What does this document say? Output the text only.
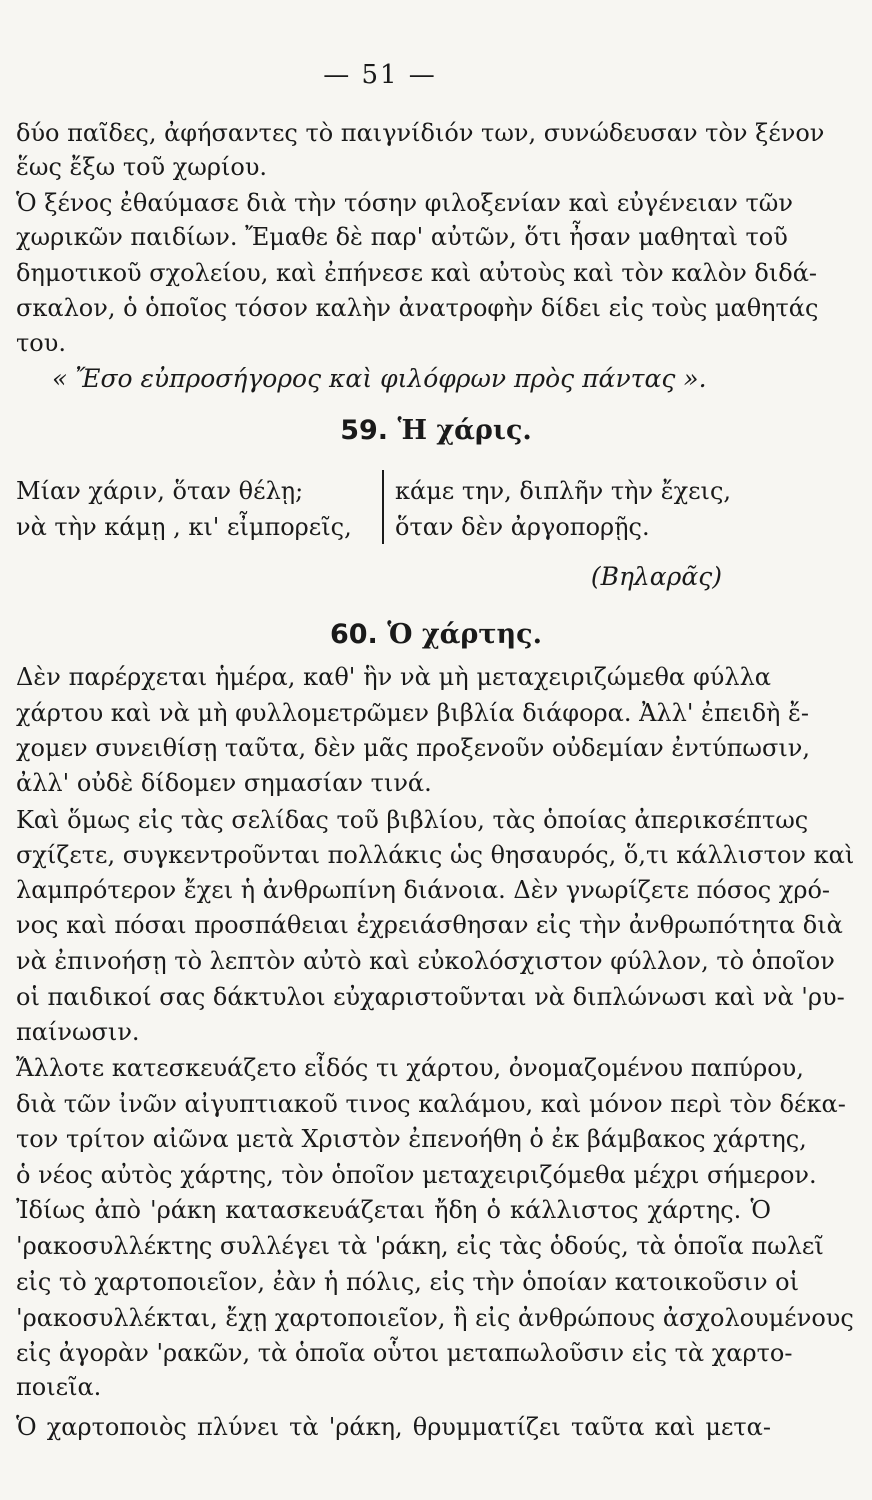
— 51 —
δύο παῖδες, ἀφήσαντες τὸ παιγνίδιόν των, συνώδευσαν τὸν ξένον
ἕως ἔξω τοῦ χωρίου.
Ὁ ξένος ἐθαύμασε διὰ τὴν τόσην φιλοξενίαν καὶ εὐγένειαν τῶν
χωρικῶν παιδίων. Ἔμαθε δὲ παρ' αὐτῶν, ὅτι ἦσαν μαθηταὶ τοῦ
δημοτικοῦ σχολείου, καὶ ἐπήνεσε καὶ αὐτοὺς καὶ τὸν καλὸν διδά-
σκαλον, ὁ ὁποῖος τόσον καλὴν ἀνατροφὴν δίδει εἰς τοὺς μαθητάς
του.
« Ἔσο εὐπροσήγορος καὶ φιλόφρων πρὸς πάντας ».
59. Ἡ χάρις.
Μίαν χάριν, ὅταν θέλῃ;
νὰ τὴν κάμῃ , κι' εἶμπορεῖς,
κάμε την, διπλῆν τὴν ἔχεις,
ὅταν δὲν ἀργοπορῇς.
(Βηλαρᾶς)
60. Ὁ χάρτης.
Δὲν παρέρχεται ἡμέρα, καθ' ἣν νὰ μὴ μεταχειριζώμεθα φύλλα
χάρτου καὶ νὰ μὴ φυλλομετρῶμεν βιβλία διάφορα. Ἀλλ' ἐπειδὴ ἔ-
χομεν συνειθίσῃ ταῦτα, δὲν μᾶς προξενοῦν οὐδεμίαν ἐντύπωσιν,
ἀλλ' οὐδὲ δίδομεν σημασίαν τινά.
Καὶ ὅμως εἰς τὰς σελίδας τοῦ βιβλίου, τὰς ὁποίας ἀπερικσέπτως
σχίζετε, συγκεντροῦνται πολλάκις ὡς θησαυρός, ὅ,τι κάλλιστον καὶ
λαμπρότερον ἔχει ἡ ἀνθρωπίνη διάνοια. Δὲν γνωρίζετε πόσος χρό-
νος καὶ πόσαι προσπάθειαι ἐχρειάσθησαν εἰς τὴν ἀνθρωπότητα διὰ
νὰ ἐπινοήσῃ τὸ λεπτὸν αὐτὸ καὶ εὐκολόσχιστον φύλλον, τὸ ὁποῖον
οἱ παιδικοί σας δάκτυλοι εὐχαριστοῦνται νὰ διπλώνωσι καὶ νὰ 'ρυ-
παίνωσιν.
Ἄλλοτε κατεσκευάζετο εἶδός τι χάρτου, ὀνομαζομένου παπύρου,
διὰ τῶν ἰνῶν αἰγυπτιακοῦ τινος καλάμου, καὶ μόνον περὶ τὸν δέκα-
τον τρίτον αἰῶνα μετὰ Χριστὸν ἐπενοήθη ὁ ἐκ βάμβακος χάρτης,
ὁ νέος αὐτὸς χάρτης, τὸν ὁποῖον μεταχειριζόμεθα μέχρι σήμερον.
Ἰδίως ἀπὸ 'ράκη κατασκευάζεται ἤδη ὁ κάλλιστος χάρτης. Ὁ
'ρακοσυλλέκτης συλλέγει τὰ 'ράκη, εἰς τὰς ὁδούς, τὰ ὁποῖα πωλεῖ
εἰς τὸ χαρτοποιεῖον, ἐὰν ἡ πόλις, εἰς τὴν ὁποίαν κατοικοῦσιν οἱ
'ρακοσυλλέκται, ἔχῃ χαρτοποιεῖον, ἢ εἰς ἀνθρώπους ἀσχολουμένους
εἰς ἀγορὰν 'ρακῶν, τὰ ὁποῖα οὗτοι μεταπωλοῦσιν εἰς τὰ χαρτο-
ποιεῖα.
Ὁ χαρτοποιὸς πλύνει τὰ 'ράκη, θρυμματίζει ταῦτα καὶ μετα-
